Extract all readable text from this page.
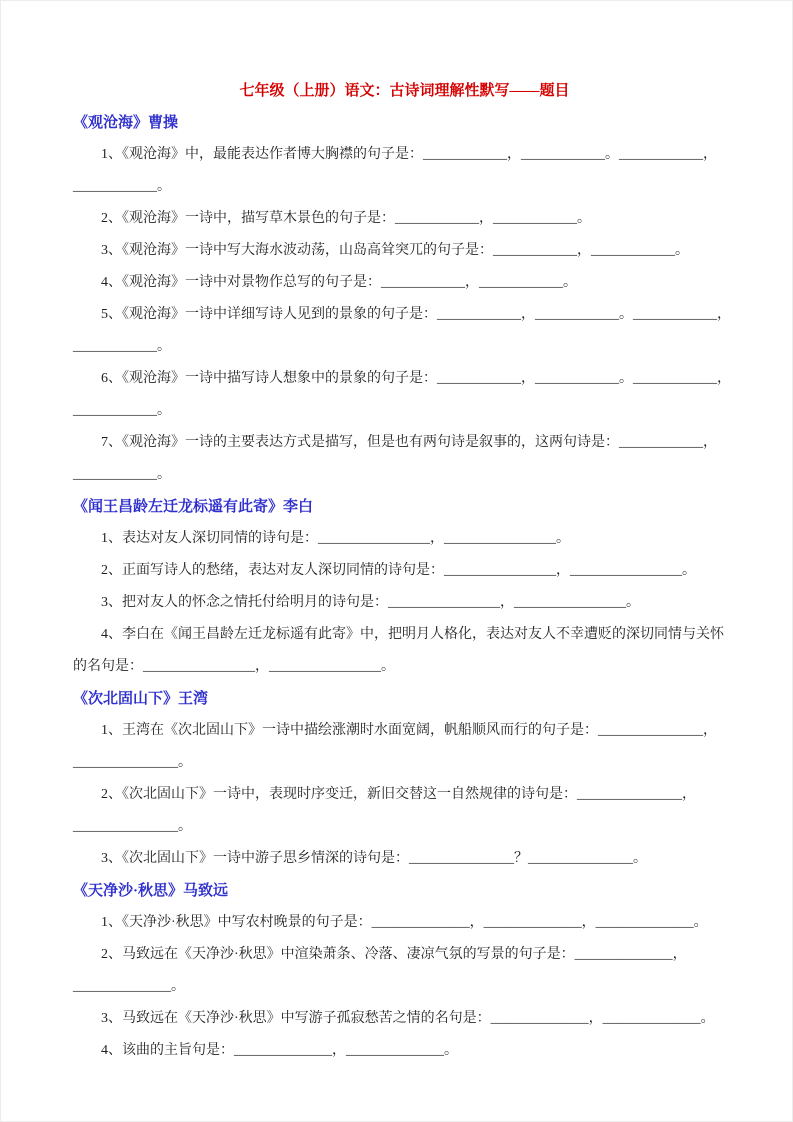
七年级（上册）语文：古诗词理解性默写——题目
《观沧海》曹操

1、《观沧海》中，最能表达作者博大胸襟的句子是：____________，____________。____________，____________。

2、《观沧海》一诗中，描写草木景色的句子是：____________，____________。

3、《观沧海》一诗中写大海水波动荡，山岛高耸突兀的句子是：____________，____________。

4、《观沧海》一诗中对景物作总写的句子是：____________，____________。

5、《观沧海》一诗中详细写诗人见到的景象的句子是：____________，____________。____________，____________。

6、《观沧海》一诗中描写诗人想象中的景象的句子是：____________，____________。____________，____________。

7、《观沧海》一诗的主要表达方式是描写，但是也有两句诗是叙事的，这两句诗是：____________，____________。

《闻王昌龄左迁龙标遥有此寄》李白

1、表达对友人深切同情的诗句是：________________，________________。

2、正面写诗人的愁绪，表达对友人深切同情的诗句是：________________，________________。

3、把对友人的怀念之情托付给明月的诗句是：________________，________________。

4、李白在《闻王昌龄左迁龙标遥有此寄》中，把明月人格化，表达对友人不幸遭贬的深切同情与关怀的名句是：________________，________________。

《次北固山下》王湾

1、王湾在《次北固山下》一诗中描绘涨潮时水面宽阔，帆船顺风而行的句子是：_______________，_______________。

2、《次北固山下》一诗中，表现时序变迁，新旧交替这一自然规律的诗句是：_______________，_______________。

3、《次北固山下》一诗中游子思乡情深的诗句是：_______________？_______________。

《天净沙·秋思》马致远

1、《天净沙·秋思》中写农村晚景的句子是：______________，______________，______________。

2、马致远在《天净沙·秋思》中渲染萧条、冷落、凄凉气氛的写景的句子是：______________，______________。

3、马致远在《天净沙·秋思》中写游子孤寂愁苦之情的名句是：______________，______________。

4、该曲的主旨句是：______________，______________。
